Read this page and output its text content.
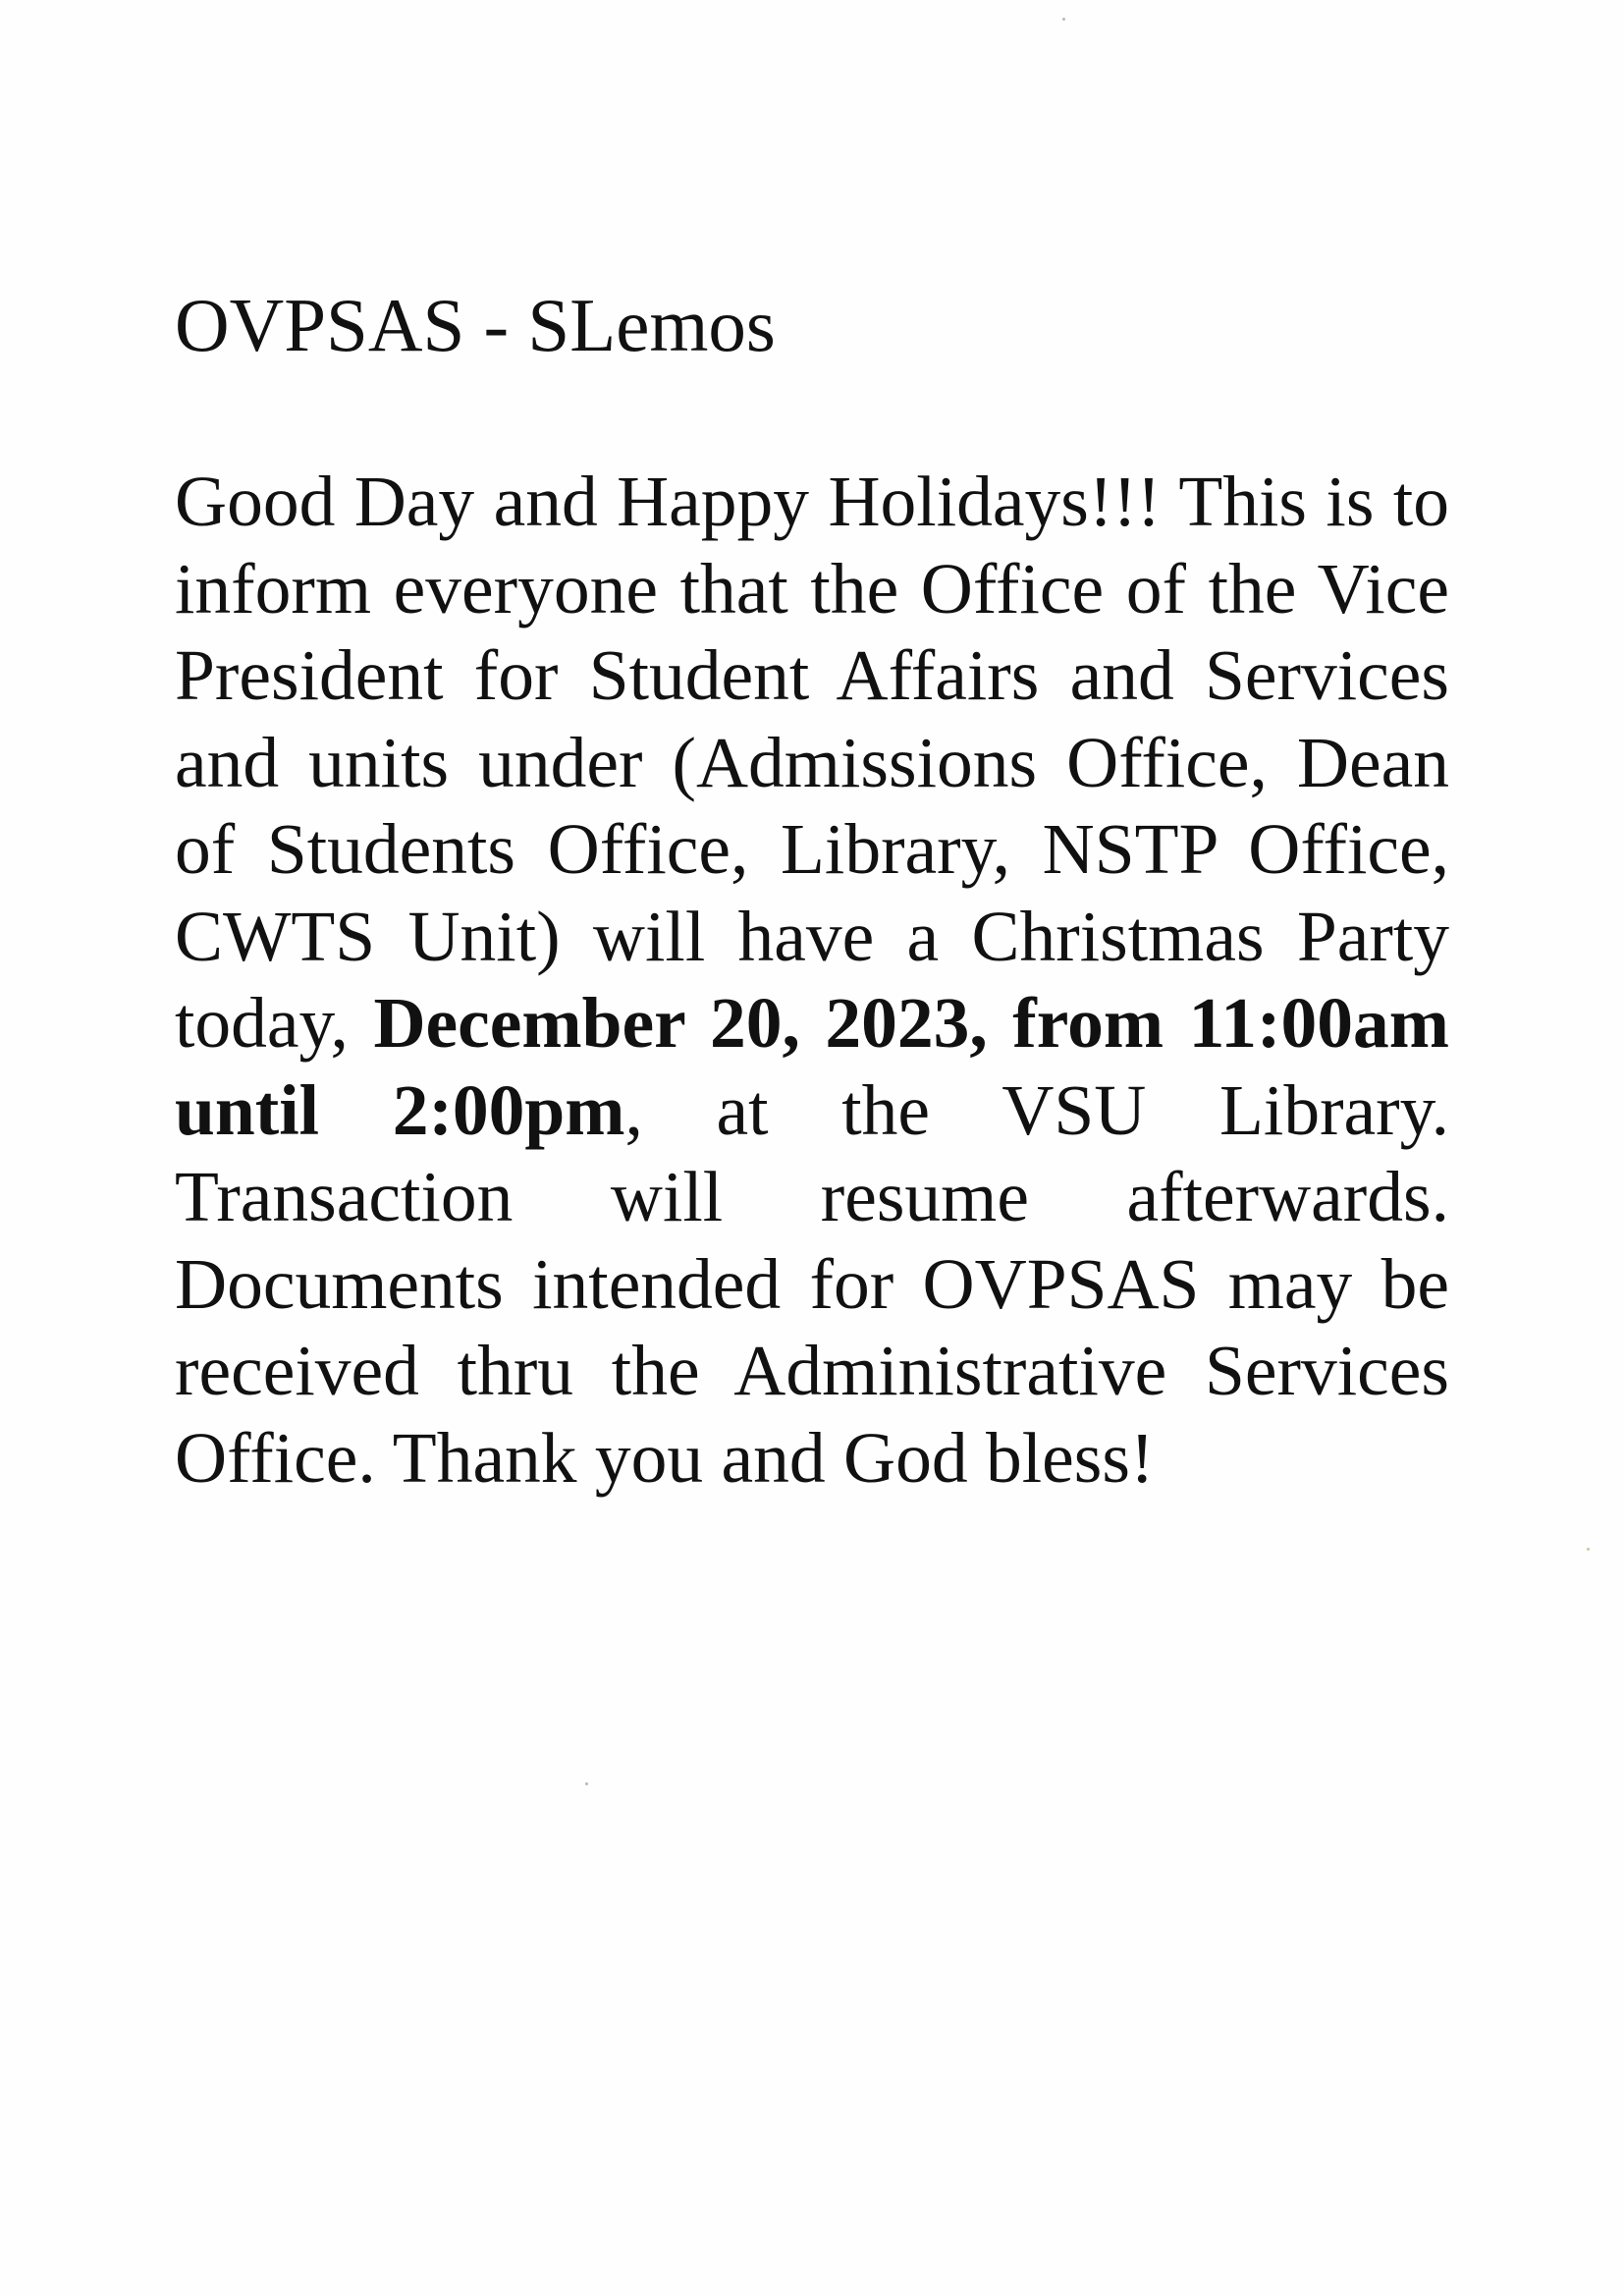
OVPSAS - SLemos

Good Day and Happy Holidays!!! This is to inform everyone that the Office of the Vice President for Student Affairs and Services and units under (Admissions Office, Dean of Students Office, Library, NSTP Office, CWTS Unit) will have a Christmas Party today, December 20, 2023, from 11:00am until 2:00pm, at the VSU Library. Transaction will resume afterwards. Documents intended for OVPSAS may be received thru the Administrative Services Office. Thank you and God bless!
